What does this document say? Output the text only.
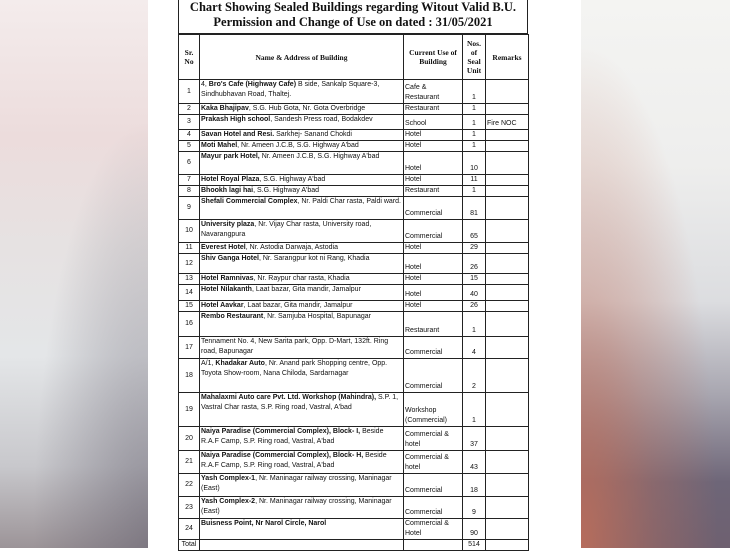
Chart Showing Sealed Buildings regarding Witout Valid B.U.
Permission and Change of Use on dated : 31/05/2021
Sr. No	Name & Address of Building	Current Use of Building	Nos. of Seal Unit	Remarks
1	4, Bro's Cafe (Highway Cafe) B side, Sankalp Square-3, Sindhubhavan Road, Thaltej.	Cafe & Restaurant	1	
2	Kaka Bhajipav, S.G. Hub Gota, Nr. Gota Overbridge	Restaurant	1	
3	Prakash High school, Sandesh Press road, Bodakdev	School	1	Fire NOC
4	Savan Hotel and Resi. Sarkhej- Sanand Chokdi	Hotel	1	
5	Moti Mahel, Nr. Ameen J.C.B, S.G. Highway A'bad	Hotel	1	
6	Mayur park Hotel, Nr. Ameen J.C.B, S.G. Highway A'bad	Hotel	10	
7	Hotel Royal Plaza, S.G. Highway A'bad	Hotel	11	
8	Bhookh lagi hai, S.G. Highway A'bad	Restaurant	1	
9	Shefali Commercial Complex, Nr. Paldi Char rasta, Paldi ward.	Commercial	81	
10	University plaza, Nr. Vijay Char rasta, University road, Navarangpura	Commercial	65	
11	Everest Hotel, Nr. Astodia Darwaja, Astodia	Hotel	29	
12	Shiv Ganga Hotel, Nr. Sarangpur kot ni Rang, Khadia	Hotel	26	
13	Hotel Ramnivas, Nr. Raypur char rasta, Khadia	Hotel	15	
14	Hotel Nilakanth, Laat bazar, Gita mandir, Jamalpur	Hotel	40	
15	Hotel Aavkar, Laat bazar, Gita mandir, Jamalpur	Hotel	26	
16	Rembo Restaurant, Nr. Samjuba Hospital, Bapunagar	Restaurant	1	
17	Tennament No. 4, New Sarita park, Opp. D-Mart, 132ft. Ring road, Bapunagar	Commercial	4	
18	A/1, Khadakar Auto, Nr. Anand park Shopping centre, Opp. Toyota Show-room, Nana Chiloda, Sardarnagar	Commercial	2	
19	Mahalaxmi Auto care Pvt. Ltd. Workshop (Mahindra), S.P. 1, Vastral Char rasta, S.P. Ring road, Vastral, A'bad	Workshop (Commercial)	1	
20	Naiya Paradise (Commercial Complex), Block- I, Beside R.A.F Camp, S.P. Ring road, Vastral, A'bad	Commercial & hotel	37	
21	Naiya Paradise (Commercial Complex), Block- H, Beside R.A.F Camp, S.P. Ring road, Vastral, A'bad	Commercial & hotel	43	
22	Yash Complex-1, Nr. Maninagar railway crossing, Maninagar (East)	Commercial	18	
23	Yash Complex-2, Nr. Maninagar railway crossing, Maninagar (East)	Commercial	9	
24	Buisness Point, Nr Narol Circle, Narol	Commercial & Hotel	90	
Total			514	
